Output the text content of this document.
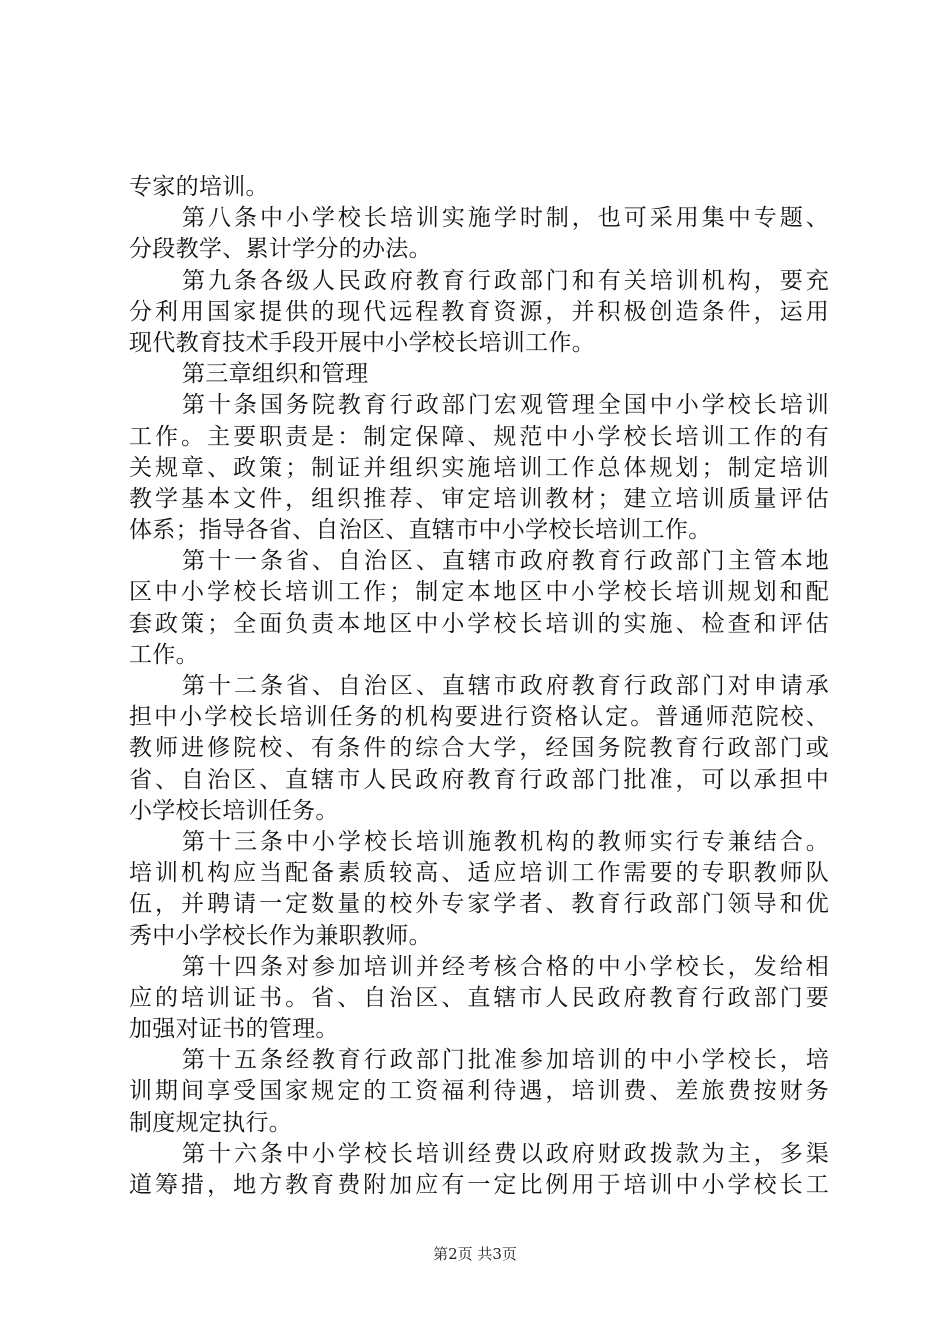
专家的培训。
第八条中小学校长培训实施学时制，也可采用集中专题、
分段教学、累计学分的办法。
第九条各级人民政府教育行政部门和有关培训机构，要充
分利用国家提供的现代远程教育资源，并积极创造条件，运用
现代教育技术手段开展中小学校长培训工作。
第三章组织和管理
第十条国务院教育行政部门宏观管理全国中小学校长培训
工作。主要职责是：制定保障、规范中小学校长培训工作的有
关规章、政策；制证并组织实施培训工作总体规划；制定培训
教学基本文件，组织推荐、审定培训教材；建立培训质量评估
体系；指导各省、自治区、直辖市中小学校长培训工作。
第十一条省、自治区、直辖市政府教育行政部门主管本地
区中小学校长培训工作；制定本地区中小学校长培训规划和配
套政策；全面负责本地区中小学校长培训的实施、检查和评估
工作。
第十二条省、自治区、直辖市政府教育行政部门对申请承
担中小学校长培训任务的机构要进行资格认定。普通师范院校、
教师进修院校、有条件的综合大学，经国务院教育行政部门或
省、自治区、直辖市人民政府教育行政部门批准，可以承担中
小学校长培训任务。
第十三条中小学校长培训施教机构的教师实行专兼结合。
培训机构应当配备素质较高、适应培训工作需要的专职教师队
伍，并聘请一定数量的校外专家学者、教育行政部门领导和优
秀中小学校长作为兼职教师。
第十四条对参加培训并经考核合格的中小学校长，发给相
应的培训证书。省、自治区、直辖市人民政府教育行政部门要
加强对证书的管理。
第十五条经教育行政部门批准参加培训的中小学校长，培
训期间享受国家规定的工资福利待遇，培训费、差旅费按财务
制度规定执行。
第十六条中小学校长培训经费以政府财政拨款为主，多渠
道筹措，地方教育费附加应有一定比例用于培训中小学校长工
第2页 共3页
